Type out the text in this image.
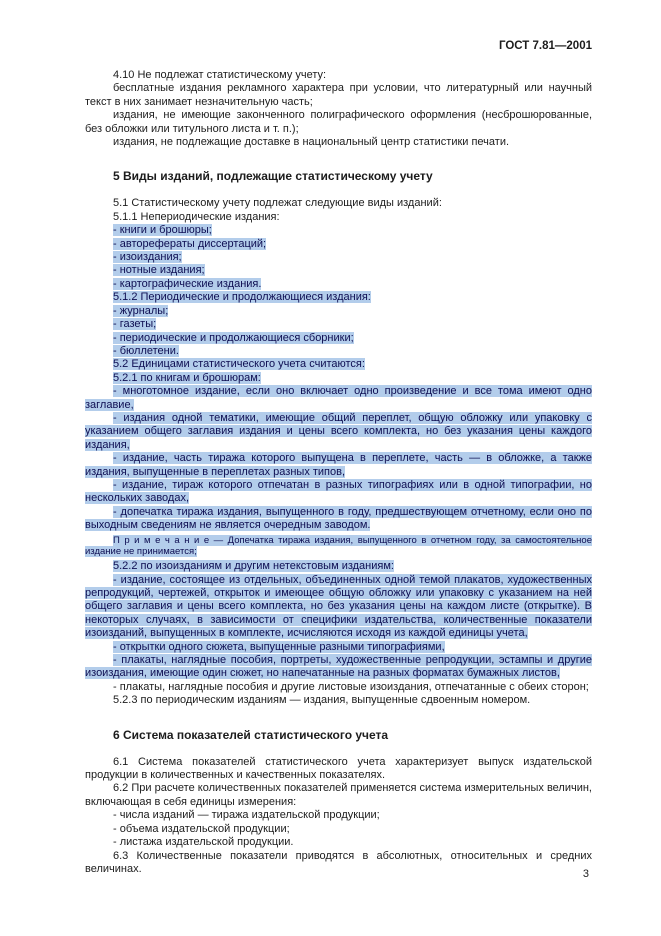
ГОСТ 7.81—2001

4.10 Не подлежат статистическому учету:

бесплатные издания рекламного характера при условии, что литературный или научный текст в них занимает незначительную часть;

издания, не имеющие законченного полиграфического оформления (несброшюрованные, без обложки или титульного листа и т. п.);

издания, не подлежащие доставке в национальный центр статистики печати.

5 Виды изданий, подлежащие статистическому учету

5.1 Статистическому учету подлежат следующие виды изданий:

5.1.1 Непериодические издания:

- книги и брошюры;

- авторефераты диссертаций;

- изоиздания;

- нотные издания;

- картографические издания.

5.1.2 Периодические и продолжающиеся издания:

- журналы;

- газеты;

- периодические и продолжающиеся сборники;

- бюллетени.

5.2 Единицами статистического учета считаются:

5.2.1 по книгам и брошюрам:

- многотомное издание, если оно включает одно произведение и все тома имеют одно заглавие,

- издания одной тематики, имеющие общий переплет, общую обложку или упаковку с указанием общего заглавия издания и цены всего комплекта, но без указания цены каждого издания,

- издание, часть тиража которого выпущена в переплете, часть — в обложке, а также издания, выпущенные в переплетах разных типов,

- издание, тираж которого отпечатан в разных типографиях или в одной типографии, но нескольких заводах,

- допечатка тиража издания, выпущенного в году, предшествующем отчетному, если оно по выходным сведениям не является очередным заводом.

П р и м е ч а н и е — Допечатка тиража издания, выпущенного в отчетном году, за самостоятельное издание не принимается;

5.2.2 по изоизданиям и другим нетекстовым изданиям:

- издание, состоящее из отдельных, объединенных одной темой плакатов, художественных репродукций, чертежей, открыток и имеющее общую обложку или упаковку с указанием на ней общего заглавия и цены всего комплекта, но без указания цены на каждом листе (открытке). В некоторых случаях, в зависимости от специфики издательства, количественные показатели изоизданий, выпущенных в комплекте, исчисляются исходя из каждой единицы учета,

- открытки одного сюжета, выпущенные разными типографиями,

- плакаты, наглядные пособия, портреты, художественные репродукции, эстампы и другие изоиздания, имеющие один сюжет, но напечатанные на разных форматах бумажных листов,

- плакаты, наглядные пособия и другие листовые изоиздания, отпечатанные с обеих сторон;

5.2.3 по периодическим изданиям — издания, выпущенные сдвоенным номером.

6 Система показателей статистического учета

6.1 Система показателей статистического учета характеризует выпуск издательской продукции в количественных и качественных показателях.

6.2 При расчете количественных показателей применяется система измерительных величин, включающая в себя единицы измерения:

- числа изданий — тиража издательской продукции;

- объема издательской продукции;

- листажа издательской продукции.

6.3 Количественные показатели приводятся в абсолютных, относительных и средних величинах.	3
